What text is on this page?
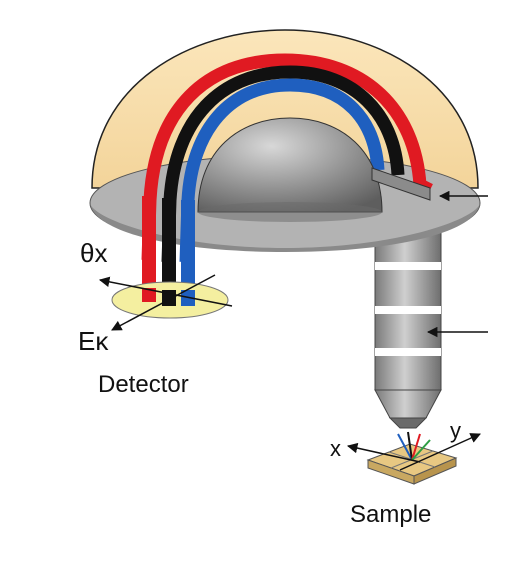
θx
Eκ
Detector
x
y
Sample
